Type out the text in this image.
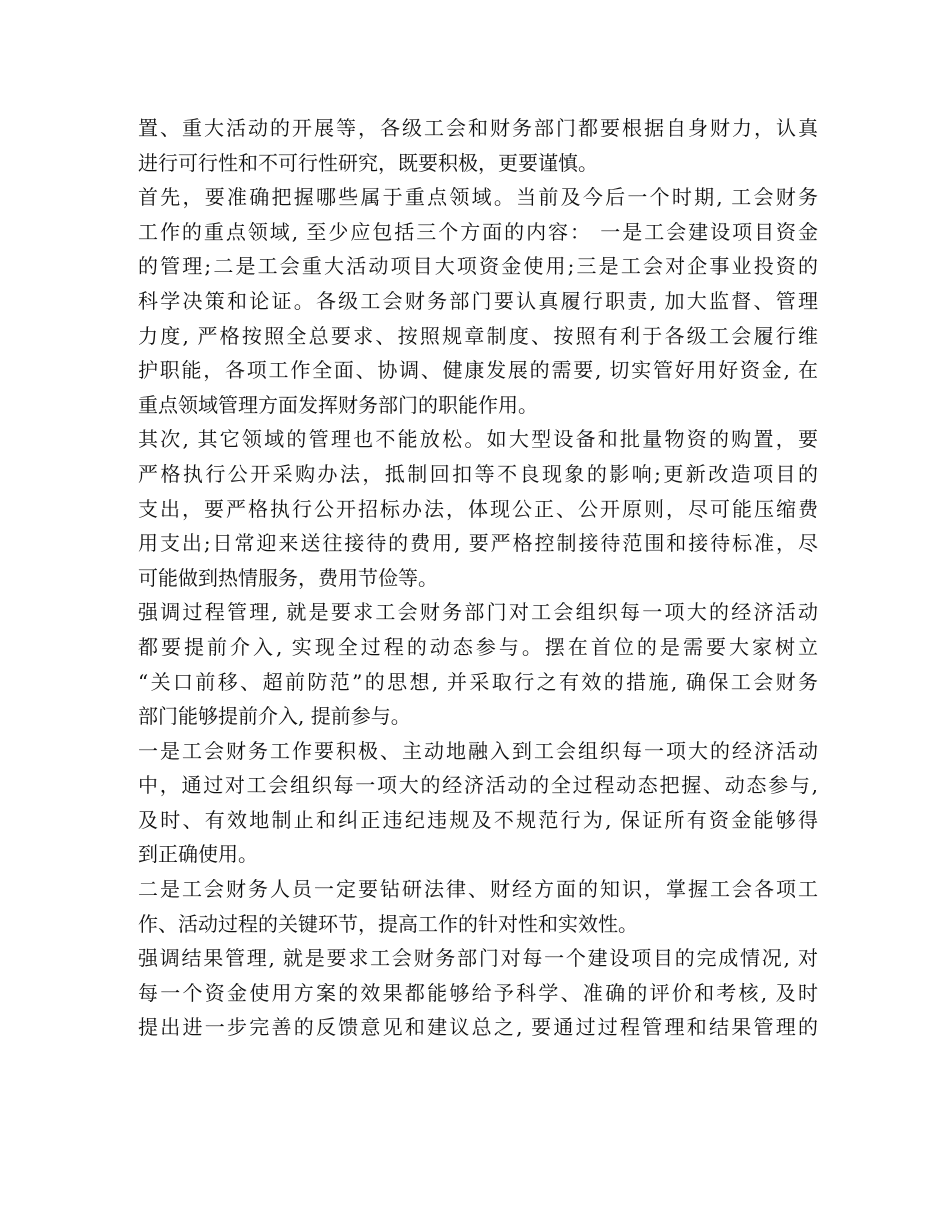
置、重大活动的开展等，各级工会和财务部门都要根据自身财力，认真
进行可行性和不可行性研究，既要积极，更要谨慎。
首先，要准确把握哪些属于重点领域。当前及今后一个时期, 工会财务
工作的重点领域, 至少应包括三个方面的内容： 一是工会建设项目资金
的管理;二是工会重大活动项目大项资金使用;三是工会对企事业投资的
科学决策和论证。各级工会财务部门要认真履行职责, 加大监督、管理
力度, 严格按照全总要求、按照规章制度、按照有利于各级工会履行维
护职能，各项工作全面、协调、健康发展的需要, 切实管好用好资金, 在
重点领域管理方面发挥财务部门的职能作用。
其次, 其它领域的管理也不能放松。如大型设备和批量物资的购置，要
严格执行公开采购办法，抵制回扣等不良现象的影响;更新改造项目的
支出，要严格执行公开招标办法，体现公正、公开原则，尽可能压缩费
用支出;日常迎来送往接待的费用, 要严格控制接待范围和接待标准，尽
可能做到热情服务，费用节俭等。
强调过程管理, 就是要求工会财务部门对工会组织每一项大的经济活动
都要提前介入, 实现全过程的动态参与。摆在首位的是需要大家树立
“关口前移、超前防范”的思想, 并采取行之有效的措施, 确保工会财务
部门能够提前介入, 提前参与。
一是工会财务工作要积极、主动地融入到工会组织每一项大的经济活动
中，通过对工会组织每一项大的经济活动的全过程动态把握、动态参与,
及时、有效地制止和纠正违纪违规及不规范行为, 保证所有资金能够得
到正确使用。
二是工会财务人员一定要钻研法律、财经方面的知识，掌握工会各项工
作、活动过程的关键环节，提高工作的针对性和实效性。
强调结果管理, 就是要求工会财务部门对每一个建设项目的完成情况, 对
每一个资金使用方案的效果都能够给予科学、准确的评价和考核, 及时
提出进一步完善的反馈意见和建议总之, 要通过过程管理和结果管理的
